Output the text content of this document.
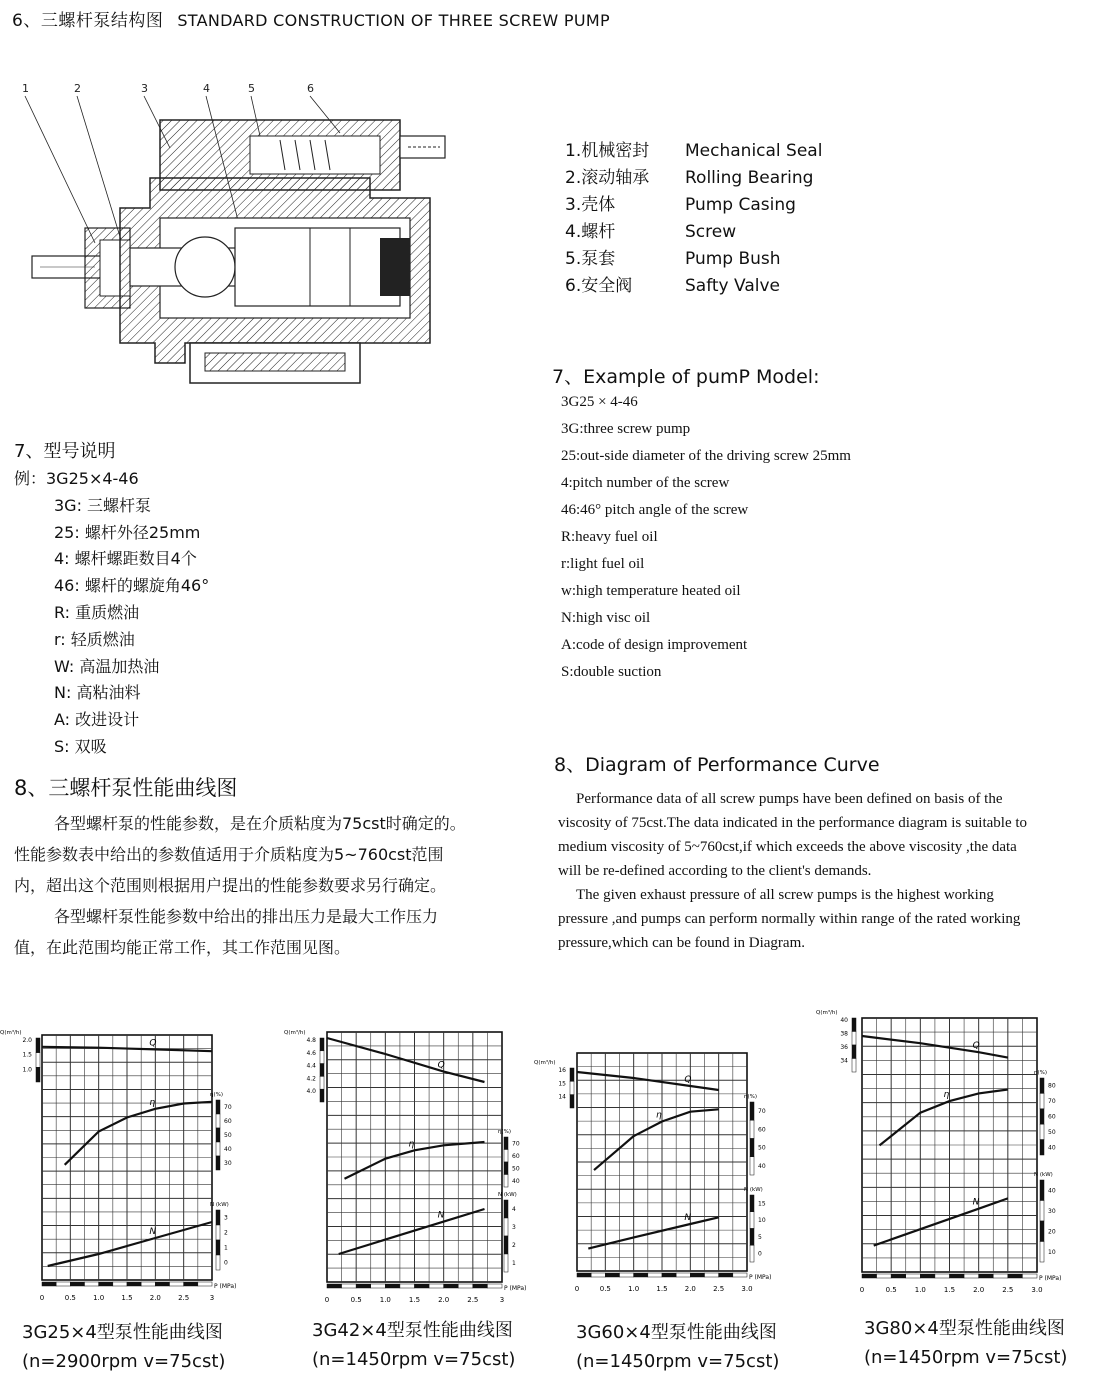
6、三螺杆泵结构图 STANDARD CONSTRUCTION OF THREE SCREW PUMP
1	2	3	4	5	6
1.机械密封 Mechanical Seal
2.滚动轴承 Rolling Bearing
3.壳体	Pump Casing
4.螺杆	Screw
5.泵套	Pump Bush
6.安全阀	Safty Valve
7、型号说明
例：3G25×4-46
3G: 三螺杆泵
25: 螺杆外径25mm
4: 螺杆螺距数目4个
46: 螺杆的螺旋角46°
R: 重质燃油
r: 轻质燃油
W: 高温加热油
N: 高粘油料
A: 改进设计
S: 双吸
7、Example of pumP Model:
3G25 × 4-46
3G:three screw pump
25:out-side diameter of the driving screw 25mm
4:pitch number of the screw
46:46° pitch angle of the screw
R:heavy fuel oil
r:light fuel oil
w:high temperature heated oil
N:high visc oil
A:code of design improvement
S:double suction
8、三螺杆泵性能曲线图

各型螺杆泵的性能参数，是在介质粘度为75cst时确定的。性能参数表中给出的参数值适用于介质粘度为5~760cst范围内，超出这个范围则根据用户提出的性能参数要求另行确定。

各型螺杆泵性能参数中给出的排出压力是最大工作压力值，在此范围均能正常工作，其工作范围见图。

8、Diagram of Performance Curve

Performance data of all screw pumps have been defined on basis of the viscosity of 75cst.The data indicated in the performance diagram is suitable to medium viscosity of 5~760cst,if which exceeds the above viscosity ,the data will be re-defined according to the client's demands.

The given exhaust pressure of all screw pumps is the highest working pressure ,and pumps can perform normally within range of the rated working pressure,which can be found in Diagram.

0	0.5 1.0 1.5 2.0 2.5	3
P (MPa)
Q(m³/h)
2.0
1.5
1.0
η(%)
70
60
50
40
30
N (kW)
3
2
1
0
Q
η
N
0	0.5	1.0	1.5	2.0	2.5	3
P (MPa)
Q(m³/h)
4.8
4.6
4.4
4.2
4.0
η(%)
70
60
50
40
N (kW)
4
3
2
1
Q
η
N
0	0.5 1.0 1.5 2.0 2.5 3.0
P (MPa)
Q(m³/h)
16
15
14	η(%)
70
60
50
40
N (kW)
15
10
5
0
Q
η
N
0	0.5	1.0	1.5	2.0	2.5	3.0
P (MPa)
Q(m³/h)
40
38
36
34
η(%)
80
70
60
50
40
N (kW)
40
30
20
10
Q
η
N
3G25×4型泵性能曲线图
(n=2900rpm v=75cst)
3G42×4型泵性能曲线图
(n=1450rpm v=75cst)
3G60×4型泵性能曲线图
(n=1450rpm v=75cst)
3G80×4型泵性能曲线图
(n=1450rpm v=75cst)
